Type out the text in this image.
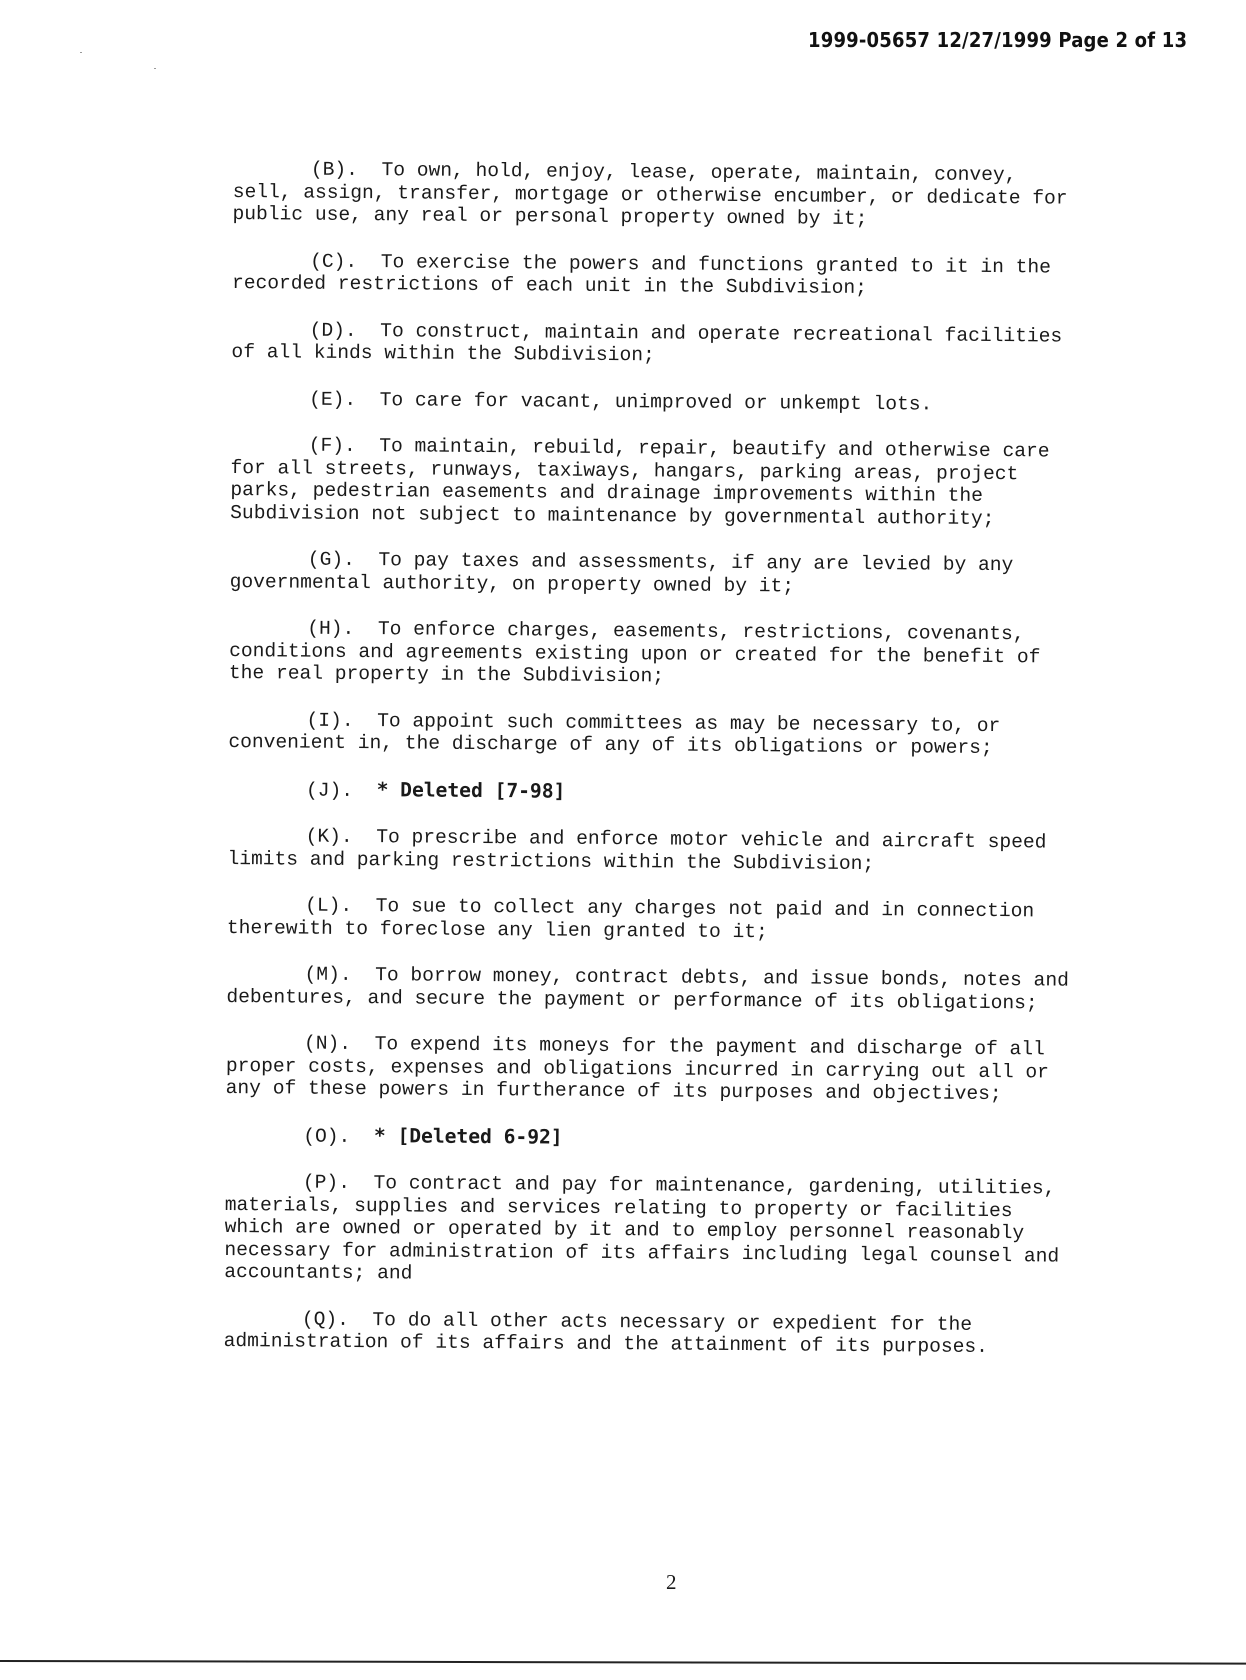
1999-05657 12/27/1999 Page 2 of 13
(B). To own, hold, enjoy, lease, operate, maintain, convey,
sell, assign, transfer, mortgage or otherwise encumber, or dedicate for
public use, any real or personal property owned by it;
(C). To exercise the powers and functions granted to it in the
recorded restrictions of each unit in the Subdivision;
(D). To construct, maintain and operate recreational facilities
of all kinds within the Subdivision;
(E). To care for vacant, unimproved or unkempt lots.
(F). To maintain, rebuild, repair, beautify and otherwise care
for all streets, runways, taxiways, hangars, parking areas, project
parks, pedestrian easements and drainage improvements within the
Subdivision not subject to maintenance by governmental authority;
(G). To pay taxes and assessments, if any are levied by any
governmental authority, on property owned by it;
(H). To enforce charges, easements, restrictions, covenants,
conditions and agreements existing upon or created for the benefit of
the real property in the Subdivision;
(I). To appoint such committees as may be necessary to, or
convenient in, the discharge of any of its obligations or powers;
(J). * Deleted [7-98]
(K). To prescribe and enforce motor vehicle and aircraft speed
limits and parking restrictions within the Subdivision;
(L). To sue to collect any charges not paid and in connection
therewith to foreclose any lien granted to it;
(M). To borrow money, contract debts, and issue bonds, notes and
debentures, and secure the payment or performance of its obligations;
(N). To expend its moneys for the payment and discharge of all
proper costs, expenses and obligations incurred in carrying out all or
any of these powers in furtherance of its purposes and objectives;
(O). * [Deleted 6-92]
(P). To contract and pay for maintenance, gardening, utilities,
materials, supplies and services relating to property or facilities
which are owned or operated by it and to employ personnel reasonably
necessary for administration of its affairs including legal counsel and
accountants; and
(Q). To do all other acts necessary or expedient for the
administration of its affairs and the attainment of its purposes.
2
